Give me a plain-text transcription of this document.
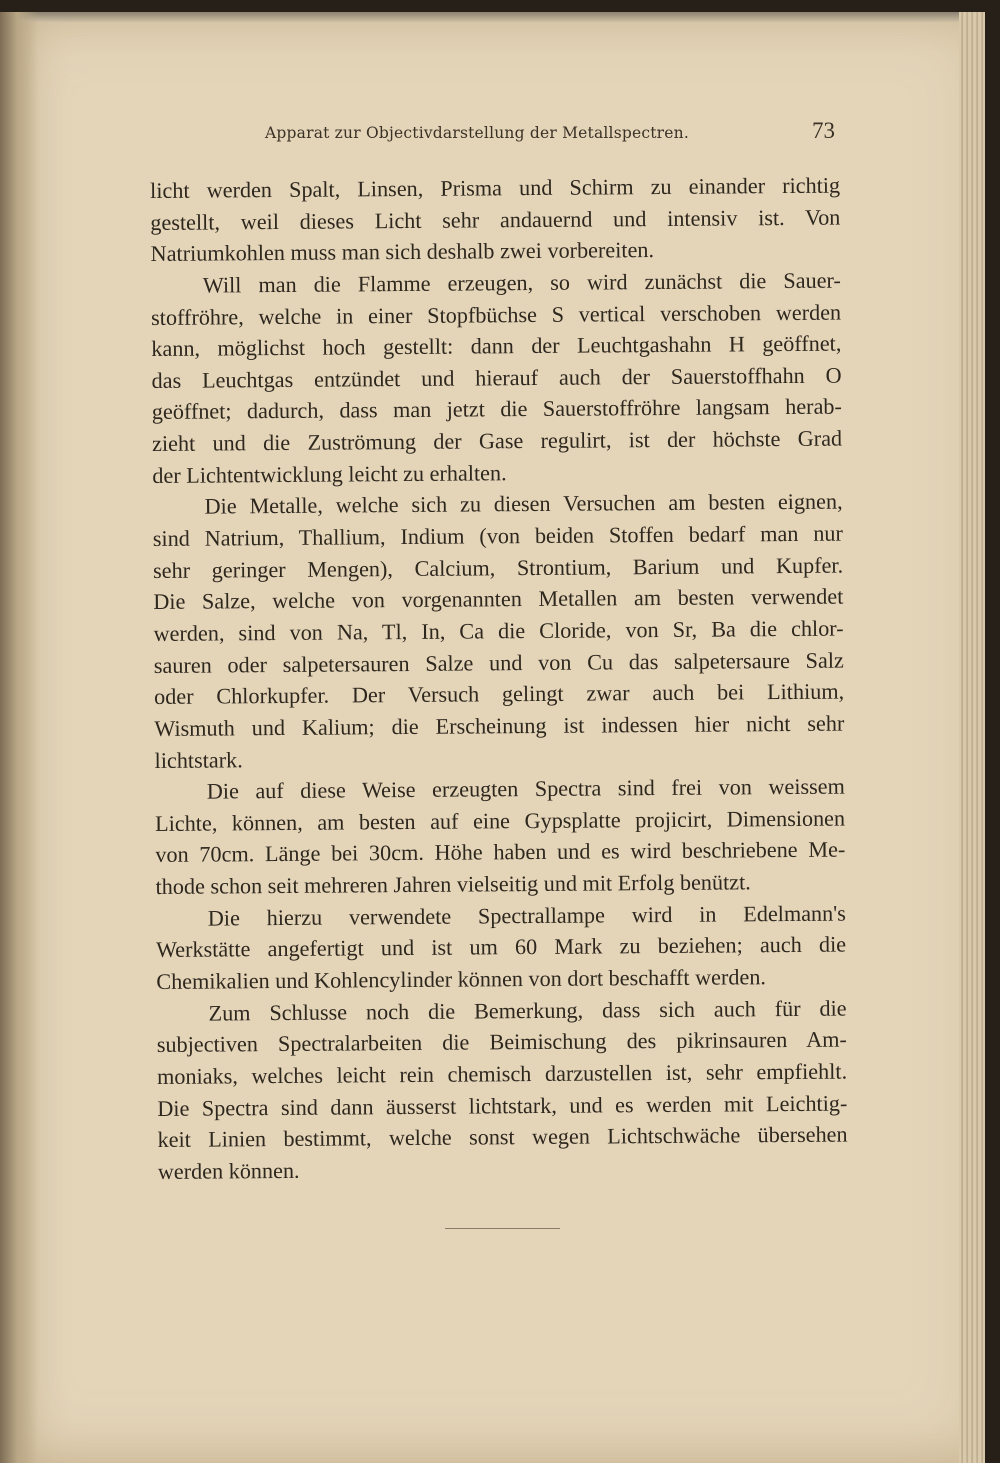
Apparat zur Objectivdarstellung der Metallspectren.	73
licht werden Spalt, Linsen, Prisma und Schirm zu einander richtig
gestellt, weil dieses Licht sehr andauernd und intensiv ist. Von
Natriumkohlen muss man sich deshalb zwei vorbereiten.
Will man die Flamme erzeugen, so wird zunächst die Sauer-
stoffröhre, welche in einer Stopfbüchse S vertical verschoben werden
kann, möglichst hoch gestellt: dann der Leuchtgashahn H geöffnet,
das Leuchtgas entzündet und hierauf auch der Sauerstoffhahn O
geöffnet; dadurch, dass man jetzt die Sauerstoffröhre langsam herab-
zieht und die Zuströmung der Gase regulirt, ist der höchste Grad
der Lichtentwicklung leicht zu erhalten.
Die Metalle, welche sich zu diesen Versuchen am besten eignen,
sind Natrium, Thallium, Indium (von beiden Stoffen bedarf man nur
sehr geringer Mengen), Calcium, Strontium, Barium und Kupfer.
Die Salze, welche von vorgenannten Metallen am besten verwendet
werden, sind von Na, Tl, In, Ca die Cloride, von Sr, Ba die chlor-
sauren oder salpetersauren Salze und von Cu das salpetersaure Salz
oder Chlorkupfer. Der Versuch gelingt zwar auch bei Lithium,
Wismuth und Kalium; die Erscheinung ist indessen hier nicht sehr
lichtstark.
Die auf diese Weise erzeugten Spectra sind frei von weissem
Lichte, können, am besten auf eine Gypsplatte projicirt, Dimensionen
von 70cm. Länge bei 30cm. Höhe haben und es wird beschriebene Me-
thode schon seit mehreren Jahren vielseitig und mit Erfolg benützt.
Die hierzu verwendete Spectrallampe wird in Edelmann's
Werkstätte angefertigt und ist um 60 Mark zu beziehen; auch die
Chemikalien und Kohlencylinder können von dort beschafft werden.
Zum Schlusse noch die Bemerkung, dass sich auch für die
subjectiven Spectralarbeiten die Beimischung des pikrinsauren Am-
moniaks, welches leicht rein chemisch darzustellen ist, sehr empfiehlt.
Die Spectra sind dann äusserst lichtstark, und es werden mit Leichtig-
keit Linien bestimmt, welche sonst wegen Lichtschwäche übersehen
werden können.
